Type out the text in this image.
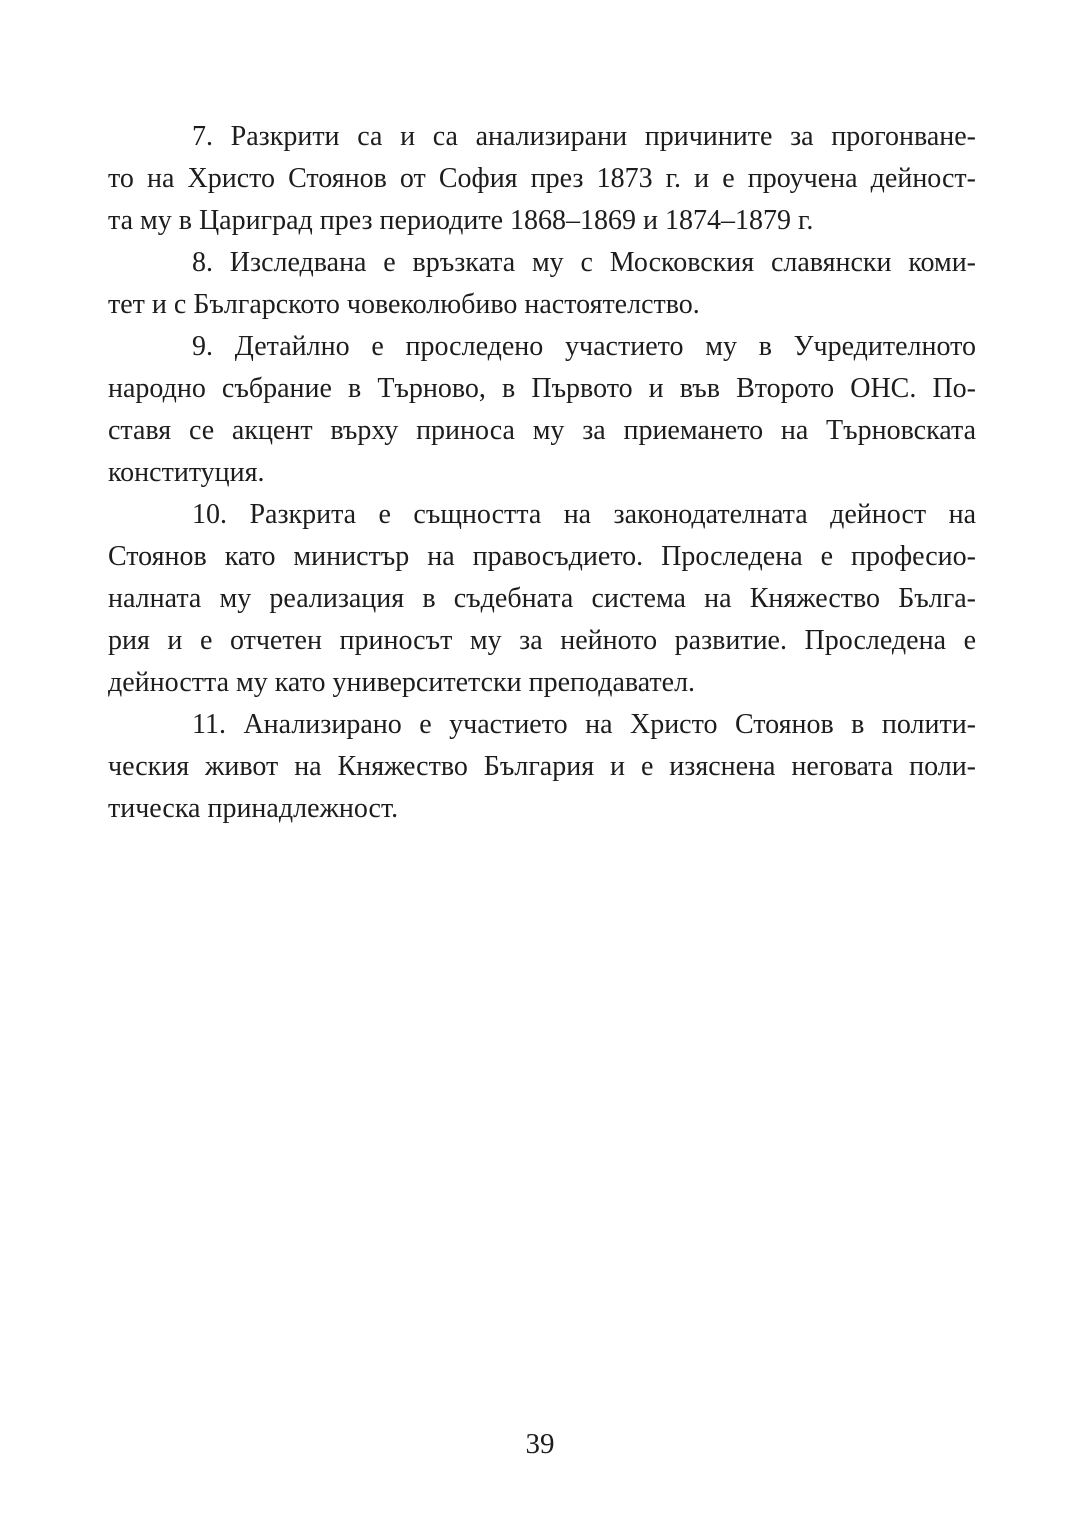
7. Разкрити са и са анализирани причините за прогонване-
то на Христо Стоянов от София през 1873 г. и е проучена дейност-
та му в Цариград през периодите 1868–1869 и 1874–1879 г.
8. Изследвана е връзката му с Московския славянски коми-
тет и с Българското човеколюбиво настоятелство.
9. Детайлно е проследено участието му в Учредителното
народно събрание в Търново, в Първото и във Второто ОНС. По-
ставя се акцент върху приноса му за приемането на Търновската
конституция.
10. Разкрита е същността на законодателната дейност на
Стоянов като министър на правосъдието. Проследена е професио-
налната му реализация в съдебната система на Княжество Бълга-
рия и е отчетен приносът му за нейното развитие. Проследена е
дейността му като университетски преподавател.
11. Анализирано е участието на Христо Стоянов в полити-
ческия живот на Княжество България и е изяснена неговата поли-
тическа принадлежност.
39
